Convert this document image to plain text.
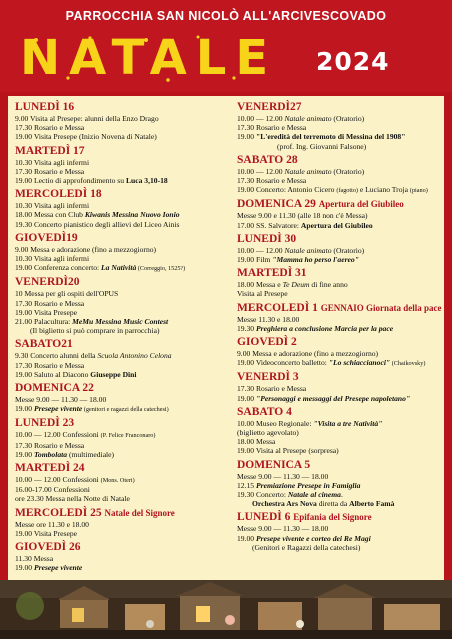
PARROCCHIA SAN NICOLÒ ALL'ARCIVESCOVADO
NATALE 2024
LUNEDÌ 16
9.00 Visita al Presepe: alunni della Enzo Drago
17.30 Rosario e Messa
19.00 Visita Presepe (Inizio Novena di Natale)
MARTEDÌ 17
10.30 Visita agli infermi
17.30 Rosario e Messa
19.00 Lectio di approfondimento su Luca 3,10-18
MERCOLEDÌ 18
10.30 Visita agli infermi
18.00 Messa con Club Kiwanis Messina Nuovo Ionio
19.30 Concerto pianistico degli allievi del Liceo Ainis
GIOVEDÌ19
9.00 Messa e adorazione (fino a mezzogiorno)
10.30 Visita agli infermi
19.00 Conferenza concerto: La Natività (Correggio, 1525?)
VENERDÌ20
10 Messa per gli ospiti dell'OPUS
17.30 Rosario e Messa
19.00 Visita Presepe
21.00 Palacultura: MeMu Messina Music Contest
(Il biglietto si può comprare in parrocchia)
SABATO21
9.30 Concerto alunni della Scuola Antonino Celona
17.30 Rosario e Messa
19.00 Saluto al Diacono Giuseppe Dini
DOMENICA 22
Messe 9.00 — 11.30 — 18.00
19.00 Presepe vivente (genitori e ragazzi della catechesi)
LUNEDÌ 23
10.00 — 12.00 Confessioni (P. Felice Franconaro)
17.30 Rosario e Messa
19.00 Tombolata (multimediale)
MARTEDÌ 24
10.00 — 12.00 Confessioni (Mons. Oteri)
16.00-17.00 Confessioni
ore 23.30 Messa nella Notte di Natale
MERCOLEDÌ 25 Natale del Signore
Messe ore 11.30 e 18.00
19.00 Visita Presepe
GIOVEDÌ 26
11.30 Messa
19.00 Presepe vivente
VENERDÌ27
10.00 — 12.00 Natale animato (Oratorio)
17.30 Rosario e Messa
19.00 "L'eredità del terremoto di Messina del 1908"
(prof. Ing. Giovanni Falsone)
SABATO 28
10.00 — 12.00 Natale animato (Oratorio)
17.30 Rosario e Messa
19.00 Concerto: Antonio Cicero (fagotto) e Luciano Troja (piano)
DOMENICA 29 Apertura del Giubileo
Messe 9.00 e 11.30 (alle 18 non c'è Messa)
17.00 SS. Salvatore: Apertura del Giubileo
LUNEDÌ 30
10.00 — 12.00 Natale animato (Oratorio)
19.00 Film "Mamma ho perso l'aereo"
MARTEDÌ 31
18.00 Messa e Te Deum di fine anno
Visita al Presepe
MERCOLEDÌ 1 GENNAIO Giornata della pace
Messe 11.30 e 18.00
19.30 Preghiera a conclusione Marcia per la pace
GIOVEDÌ 2
9.00 Messa e adorazione (fino a mezzogiorno)
19.00 Videoconcerto balletto: "Lo schiaccianoci" (Chaikovsky)
VENERDÌ 3
17.30 Rosario e Messa
19.00 "Personaggi e messaggi del Presepe napoletano"
SABATO 4
10.00 Museo Regionale: "Visita a tre Natività"
(biglietto agevolato)
18.00 Messa
19.00 Visita al Presepe (sorpresa)
DOMENICA 5
Messe 9.00 — 11.30 — 18.00
12.15 Premiazione Presepe in Famiglia
19.30 Concerto: Natale al cinema.
Orchestra Ars Nova diretta da Alberto Famà
LUNEDÌ 6 Epifania del Signore
Messe 9.00 — 11.30 — 18.00
19.00 Presepe vivente e corteo dei Re Magi
(Genitori e Ragazzi della catechesi)
